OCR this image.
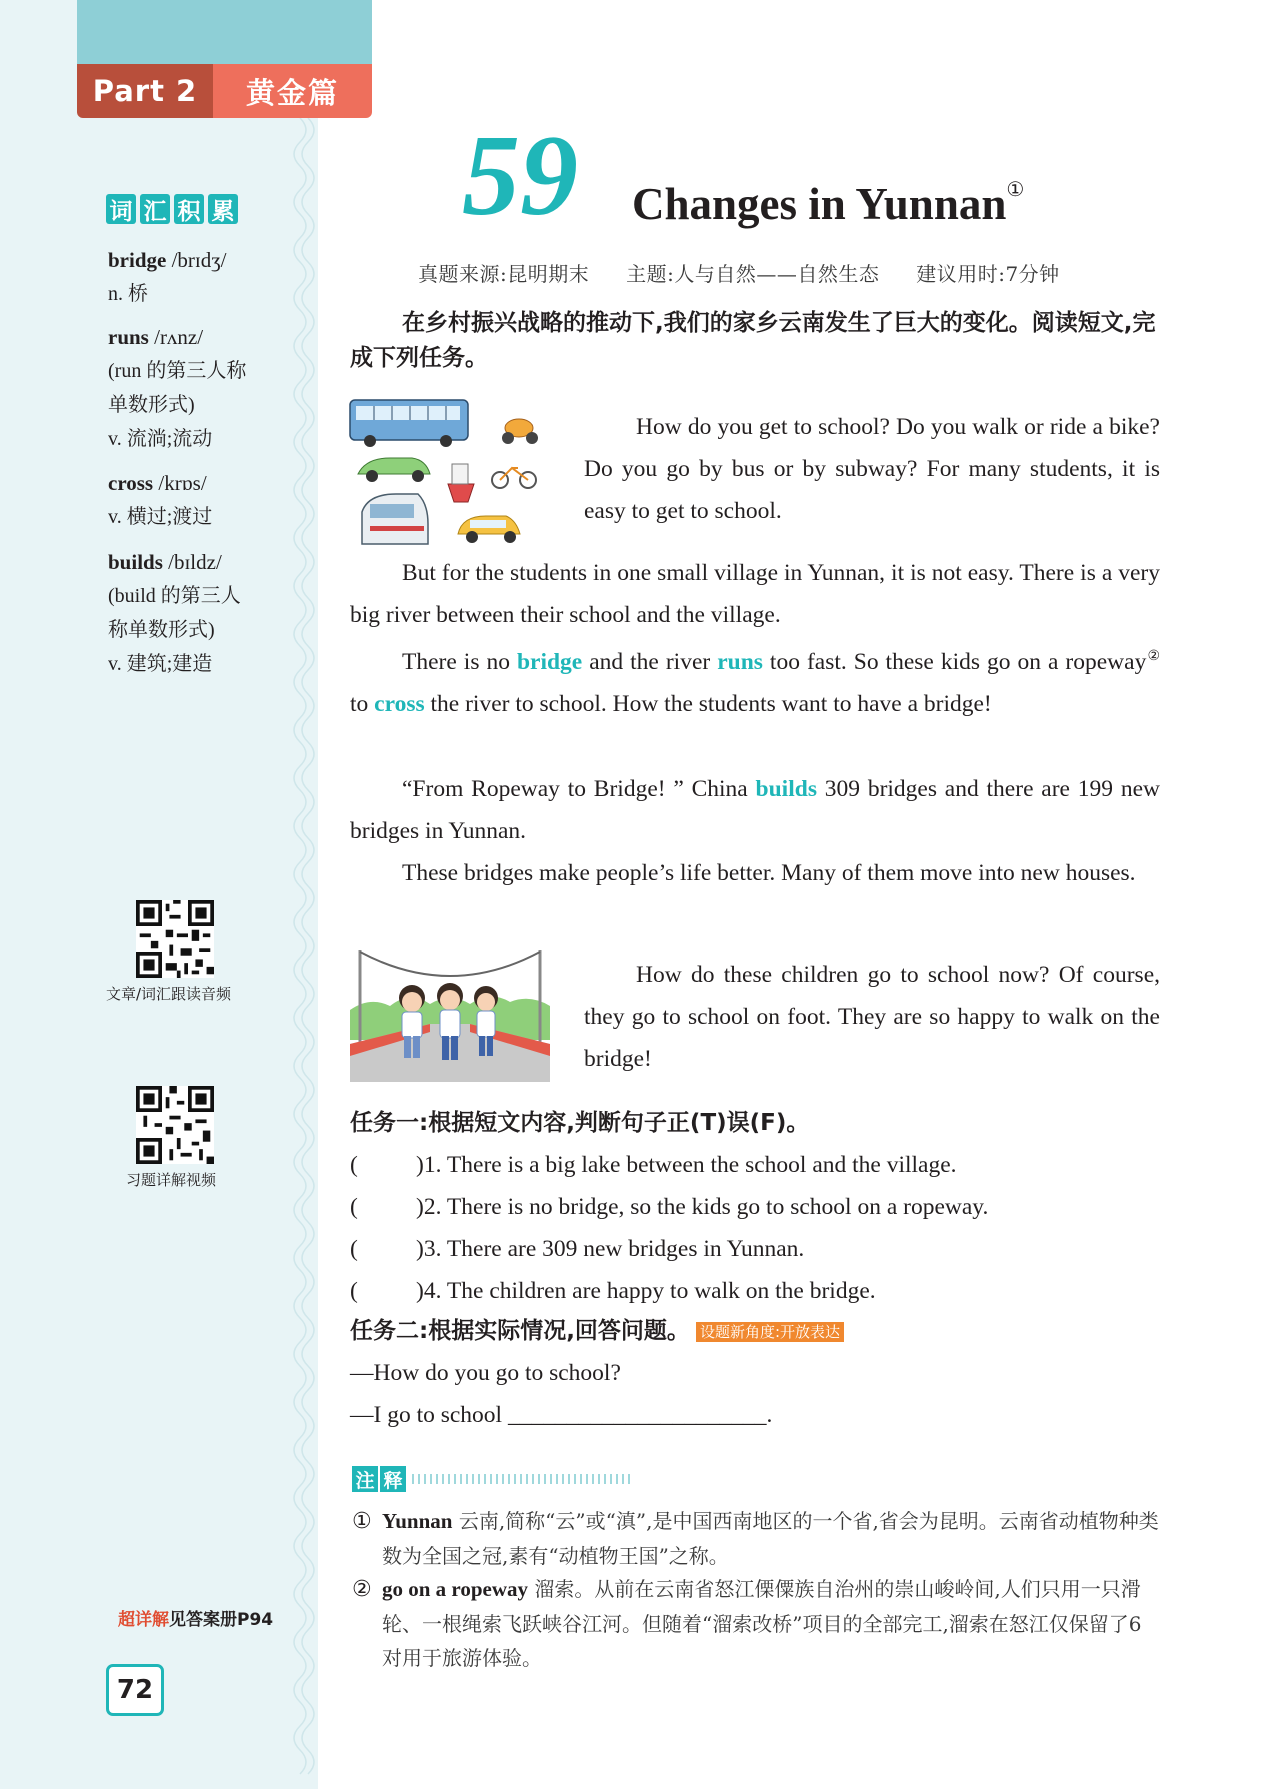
Part 2	黄金篇
词 汇 积 累
bridge /brɪdʒ/
n. 桥
runs /rʌnz/
(run 的第三人称
单数形式)
v. 流淌;流动
cross /krɒs/
v. 横过;渡过
builds /bɪldz/
(build 的第三人
称单数形式)
v. 建筑;建造
文章/词汇跟读音频
习题详解视频
超详解见答案册P94
72
59 Changes in Yunnan①
真题来源:昆明期末 主题:人与自然——自然生态 建议用时:7分钟
在乡村振兴战略的推动下,我们的家乡云南发生了巨大的变化。阅读短文,完成下列任务。
How do you get to school? Do you walk or ride a bike? Do you go by bus or by subway? For many students, it is easy to get to school.
But for the students in one small village in Yunnan, it is not easy. There is a very big river between their school and the village.
There is no bridge and the river runs too fast. So these kids go on a ropeway② to cross the river to school. How the students want to have a bridge!
“From Ropeway to Bridge! ” China builds 309 bridges and there are 199 new bridges in Yunnan.
These bridges make people’s life better. Many of them move into new houses.
How do these children go to school now? Of course, they go to school on foot. They are so happy to walk on the bridge!
任务一:根据短文内容,判断句子正(T)误(F)。
( )1. There is a big lake between the school and the village.
( )2. There is no bridge, so the kids go to school on a ropeway.
( )3. There are 309 new bridges in Yunnan.
( )4. The children are happy to walk on the bridge.
任务二:根据实际情况,回答问题。 设题新角度:开放表达
—How do you go to school?
—I go to school ______________________.
注 释
① Yunnan 云南,简称“云”或“滇”,是中国西南地区的一个省,省会为昆明。云南省动植物种类数为全国之冠,素有“动植物王国”之称。
② go on a ropeway 溜索。从前在云南省怒江傈僳族自治州的崇山峻岭间,人们只用一只滑轮、一根绳索飞跃峡谷江河。但随着“溜索改桥”项目的全部完工,溜索在怒江仅保留了6对用于旅游体验。
